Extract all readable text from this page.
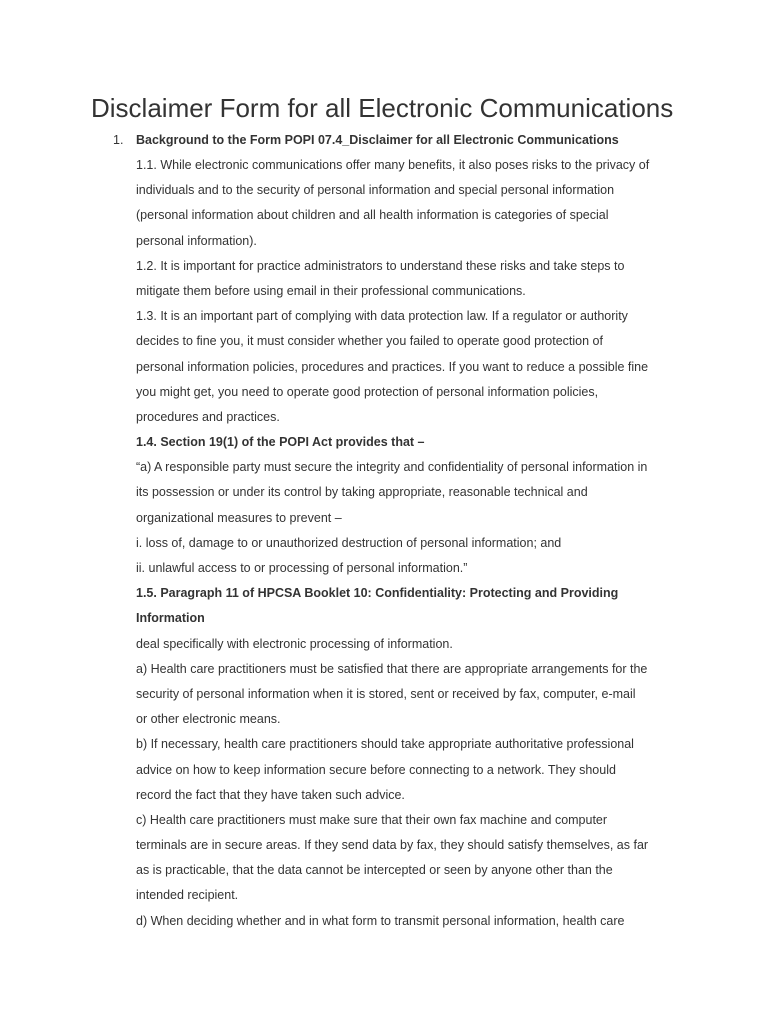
Disclaimer Form for all Electronic Communications
1. Background to the Form POPI 07.4_Disclaimer for all Electronic Communications
1.1. While electronic communications offer many benefits, it also poses risks to the privacy of
individuals and to the security of personal information and special personal information
(personal information about children and all health information is categories of special
personal information).
1.2. It is important for practice administrators to understand these risks and take steps to
mitigate them before using email in their professional communications.
1.3. It is an important part of complying with data protection law. If a regulator or authority
decides to fine you, it must consider whether you failed to operate good protection of
personal information policies, procedures and practices. If you want to reduce a possible fine
you might get, you need to operate good protection of personal information policies,
procedures and practices.
1.4. Section 19(1) of the POPI Act provides that –
“a) A responsible party must secure the integrity and confidentiality of personal information in
its possession or under its control by taking appropriate, reasonable technical and
organizational measures to prevent –
i. loss of, damage to or unauthorized destruction of personal information; and
ii. unlawful access to or processing of personal information.”
1.5. Paragraph 11 of HPCSA Booklet 10: Confidentiality: Protecting and Providing
Information
deal specifically with electronic processing of information.
a) Health care practitioners must be satisfied that there are appropriate arrangements for the
security of personal information when it is stored, sent or received by fax, computer, e-mail
or other electronic means.
b) If necessary, health care practitioners should take appropriate authoritative professional
advice on how to keep information secure before connecting to a network. They should
record the fact that they have taken such advice.
c) Health care practitioners must make sure that their own fax machine and computer
terminals are in secure areas. If they send data by fax, they should satisfy themselves, as far
as is practicable, that the data cannot be intercepted or seen by anyone other than the
intended recipient.
d) When deciding whether and in what form to transmit personal information, health care
